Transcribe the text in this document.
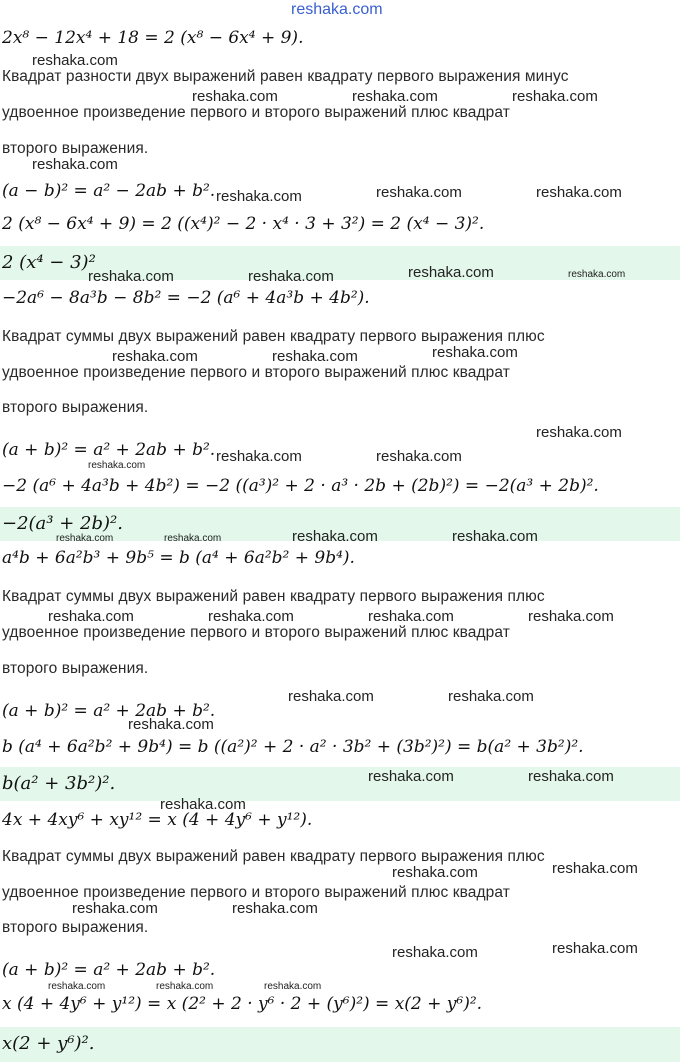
reshaka.com
2x⁸ − 12x⁴ + 18 = 2 (x⁸ − 6x⁴ + 9).
Квадрат разности двух выражений равен квадрату первого выражения минус
удвоенное произведение первого и второго выражений плюс квадрат
второго выражения.
(a − b)² = a² − 2ab + b².
2 (x⁸ − 6x⁴ + 9) = 2 ((x⁴)² − 2 · x⁴ · 3 + 3²) = 2 (x⁴ − 3)².
2 (x⁴ − 3)²
−2a⁶ − 8a³b − 8b² = −2 (a⁶ + 4a³b + 4b²).
Квадрат суммы двух выражений равен квадрату первого выражения плюс
удвоенное произведение первого и второго выражений плюс квадрат
второго выражения.
(a + b)² = a² + 2ab + b².
−2 (a⁶ + 4a³b + 4b²) = −2 ((a³)² + 2 · a³ · 2b + (2b)²) = −2(a³ + 2b)².
−2(a³ + 2b)².
a⁴b + 6a²b³ + 9b⁵ = b (a⁴ + 6a²b² + 9b⁴).
Квадрат суммы двух выражений равен квадрату первого выражения плюс
удвоенное произведение первого и второго выражений плюс квадрат
второго выражения.
(a + b)² = a² + 2ab + b².
b (a⁴ + 6a²b² + 9b⁴) = b ((a²)² + 2 · a² · 3b² + (3b²)²) = b(a² + 3b²)².
b(a² + 3b²)².
4x + 4xy⁶ + xy¹² = x (4 + 4y⁶ + y¹²).
Квадрат суммы двух выражений равен квадрату первого выражения плюс
удвоенное произведение первого и второго выражений плюс квадрат
второго выражения.
(a + b)² = a² + 2ab + b².
x (4 + 4y⁶ + y¹²) = x (2² + 2 · y⁶ · 2 + (y⁶)²) = x(2 + y⁶)².
x(2 + y⁶)².
reshaka.com
reshaka.com	reshaka.com	reshaka.com
reshaka.com
reshaka.com	reshaka.com	reshaka.com
reshaka.com	reshaka.com	reshaka.com	reshaka.com
reshaka.com	reshaka.com	reshaka.com
reshaka.com
reshaka.com	reshaka.com
reshaka.com
reshaka.com	reshaka.com	reshaka.com	reshaka.com
reshaka.com	reshaka.com	reshaka.com	reshaka.com
reshaka.com	reshaka.com
reshaka.com
reshaka.com	reshaka.com
reshaka.com
reshaka.com	reshaka.com
reshaka.com	reshaka.com
reshaka.com	reshaka.com
reshaka.com	reshaka.com	reshaka.com
